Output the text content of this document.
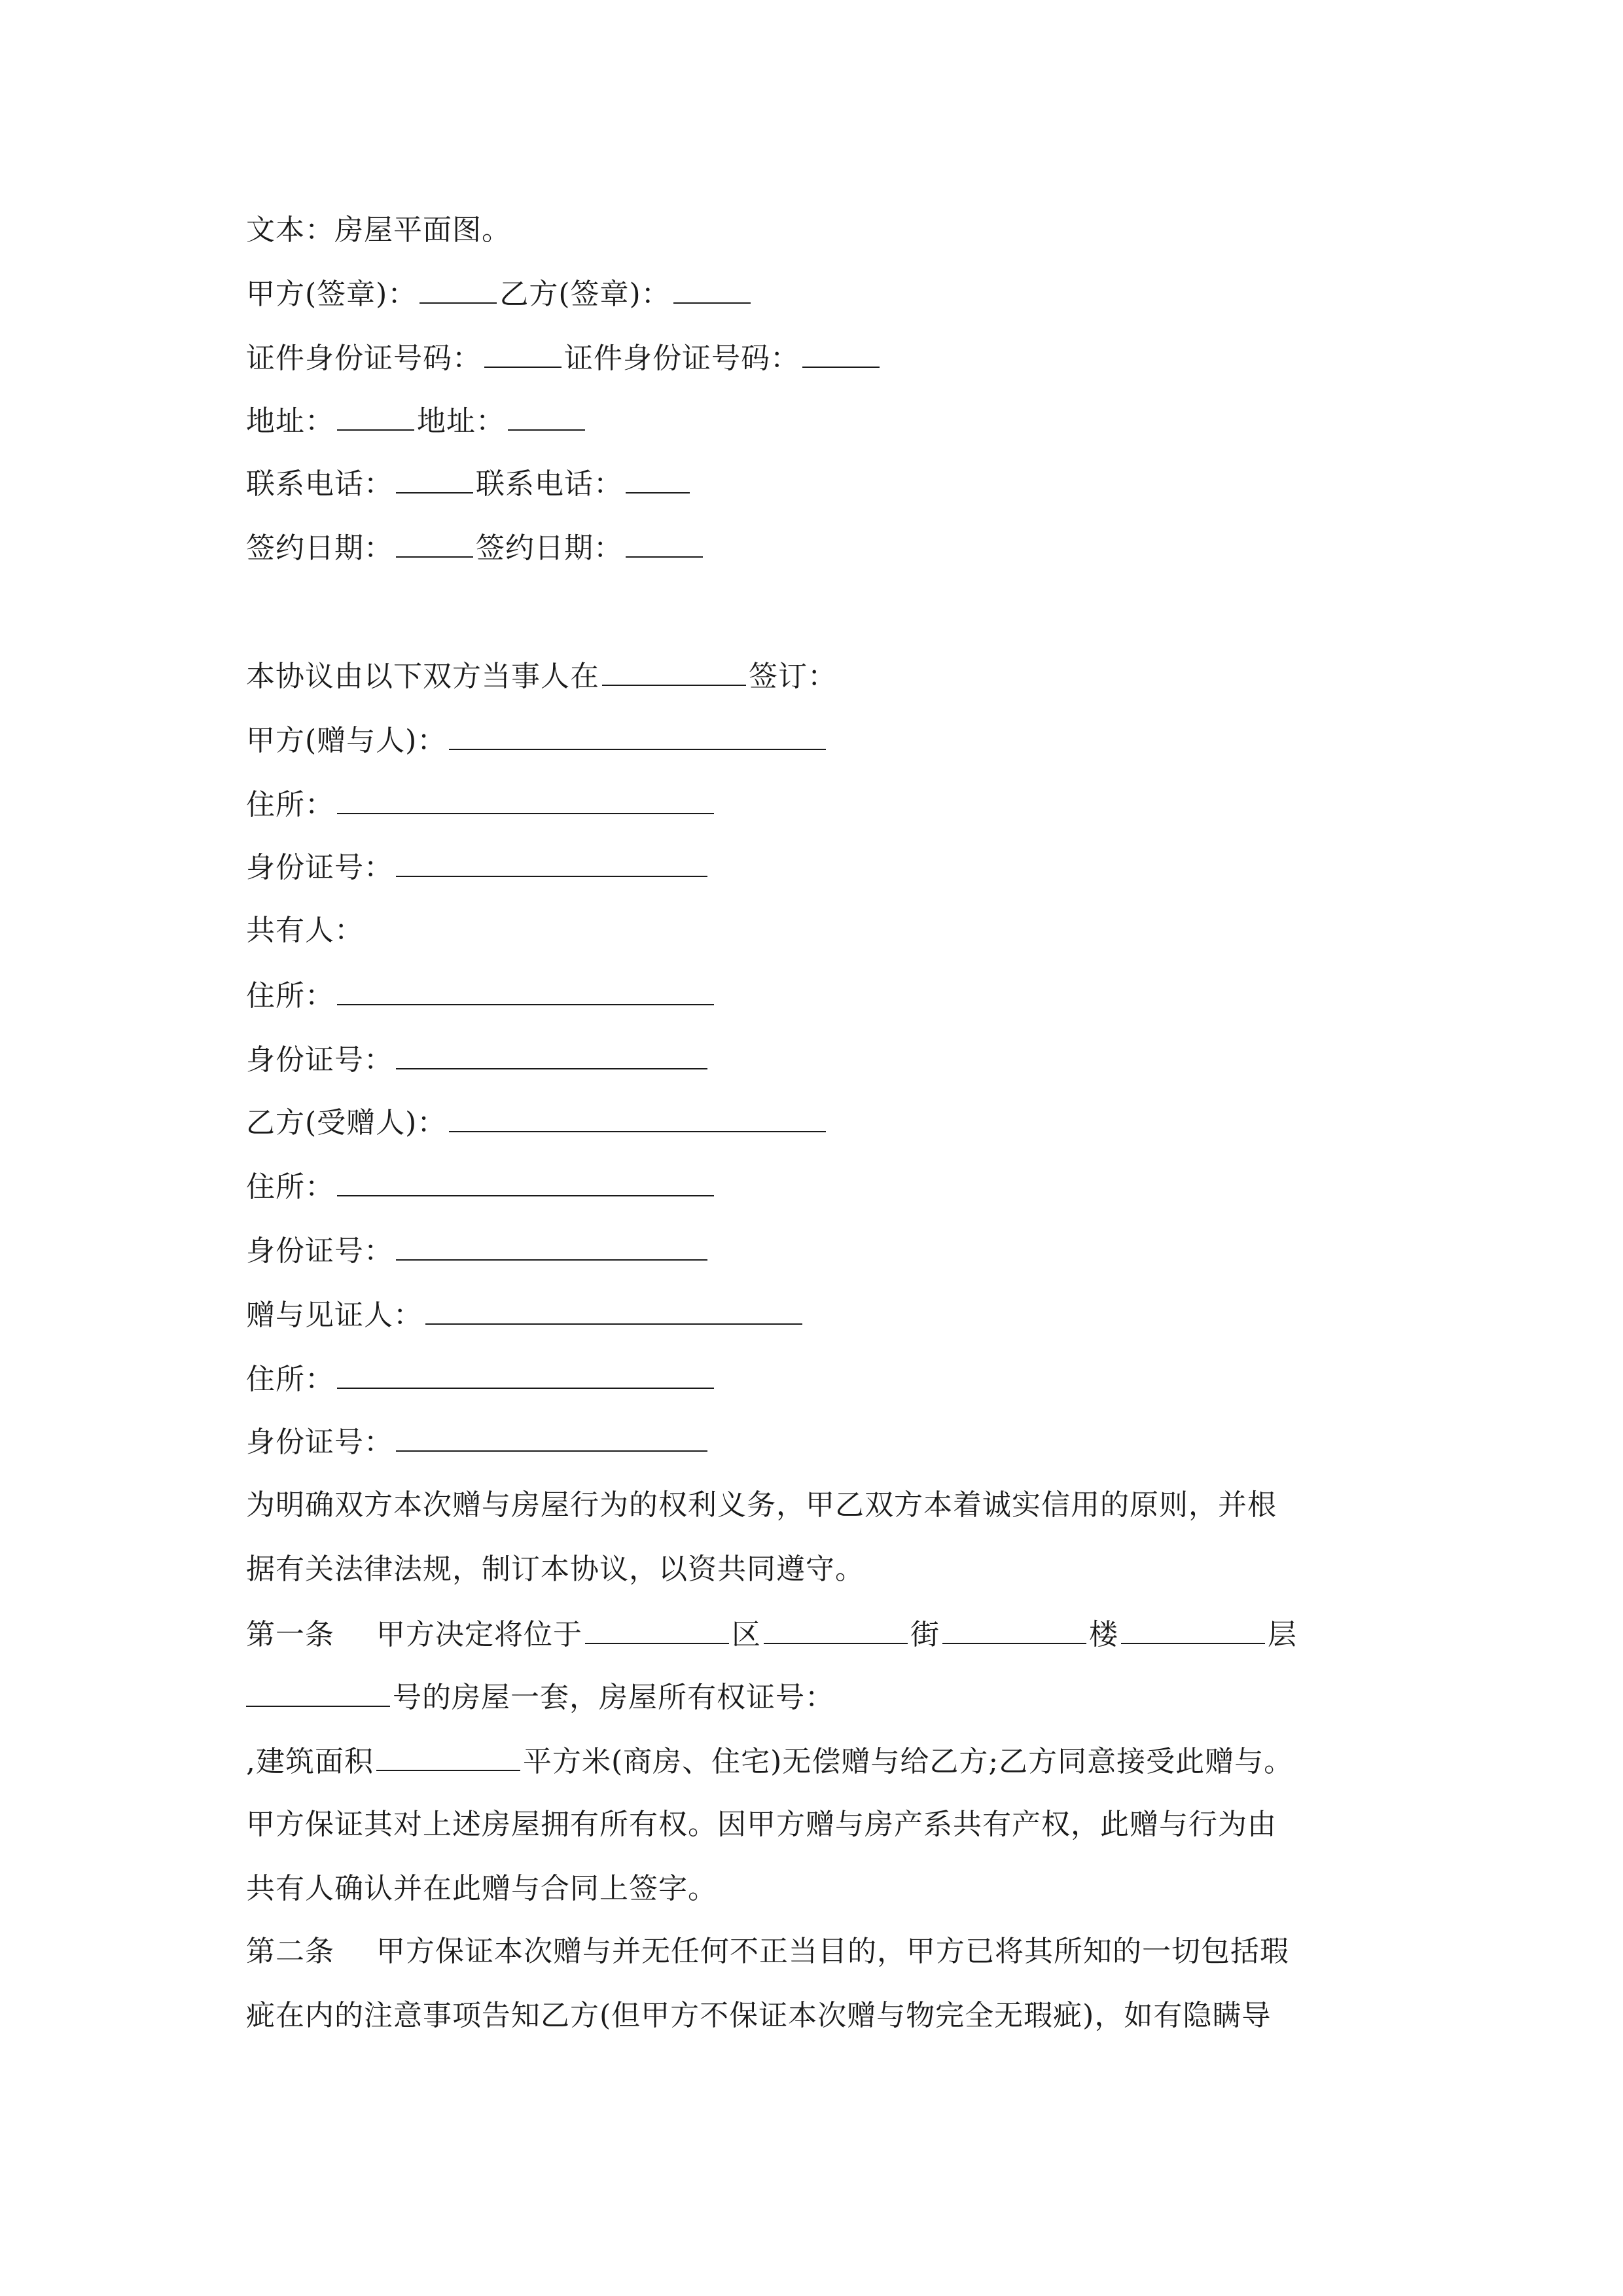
文本：房屋平面图。
甲方(签章)：	乙方(签章)：
证件身份证号码：	证件身份证号码：
地址：	地址：
联系电话：	联系电话：
签约日期：	签约日期：
本协议由以下双方当事人在	签订：
甲方(赠与人)：
住所：
身份证号：
共有人：
住所：
身份证号：
乙方(受赠人)：
住所：
身份证号：
赠与见证人：
住所：
身份证号：
为明确双方本次赠与房屋行为的权利义务，甲乙双方本着诚实信用的原则，并根
据有关法律法规，制订本协议，以资共同遵守。
第一条 甲方决定将位于	区	街	楼	层
号的房屋一套，房屋所有权证号：
,建筑面积	平方米(商房、住宅)无偿赠与给乙方;乙方同意接受此赠与。
甲方保证其对上述房屋拥有所有权。因甲方赠与房产系共有产权，此赠与行为由
共有人确认并在此赠与合同上签字。
第二条 甲方保证本次赠与并无任何不正当目的，甲方已将其所知的一切包括瑕
疵在内的注意事项告知乙方(但甲方不保证本次赠与物完全无瑕疵)，如有隐瞒导
